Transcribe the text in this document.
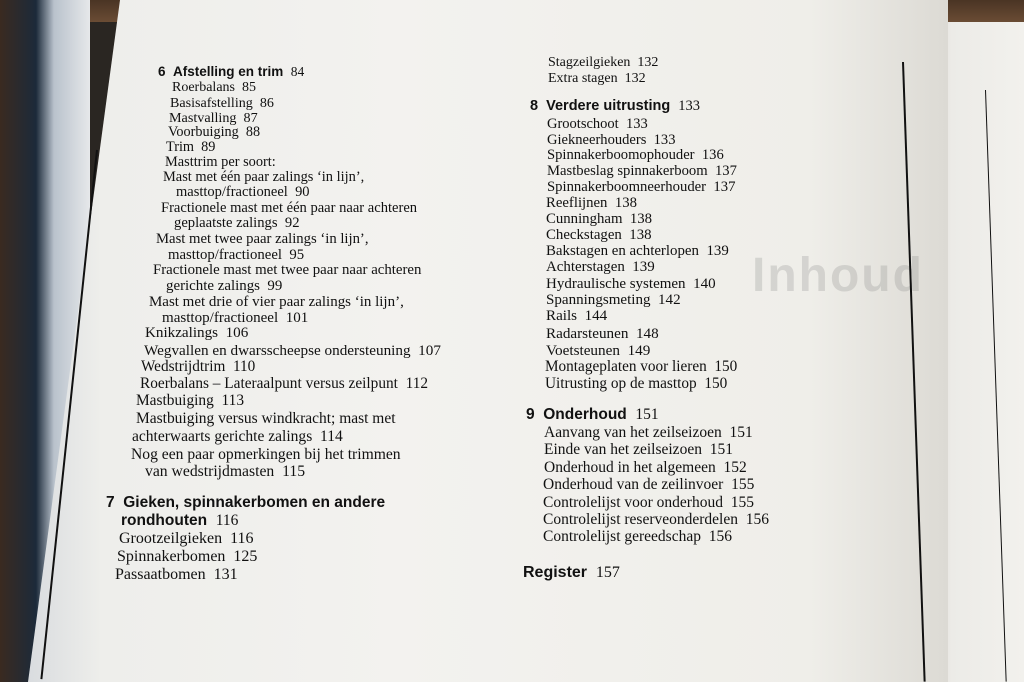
Inhoud
6  Afstelling en trim  84
Roerbalans  85
Basisafstelling  86
Mastvalling  87
Voorbuiging  88
Trim  89
Masttrim per soort:
Mast met één paar zalings ‘in lijn’,
masttop/fractioneel  90
Fractionele mast met één paar naar achteren
geplaatste zalings  92
Mast met twee paar zalings ‘in lijn’,
masttop/fractioneel  95
Fractionele mast met twee paar naar achteren
gerichte zalings  99
Mast met drie of vier paar zalings ‘in lijn’,
masttop/fractioneel  101
Knikzalings  106
Wegvallen en dwarsscheepse ondersteuning  107
Wedstrijdtrim  110
Roerbalans – Lateraalpunt versus zeilpunt  112
Mastbuiging  113
Mastbuiging versus windkracht; mast met
achterwaarts gerichte zalings  114
Nog een paar opmerkingen bij het trimmen
van wedstrijdmasten  115
7  Gieken, spinnakerbomen en andere
rondhouten  116
Grootzeilgieken  116
Spinnakerbomen  125
Passaatbomen  131
Stagzeilgieken  132
Extra stagen  132
8  Verdere uitrusting  133
Grootschoot  133
Giekneerhouders  133
Spinnakerboomophouder  136
Mastbeslag spinnakerboom  137
Spinnakerboomneerhouder  137
Reeflijnen  138
Cunningham  138
Checkstagen  138
Bakstagen en achterlopen  139
Achterstagen  139
Hydraulische systemen  140
Spanningsmeting  142
Rails  144
Radarsteunen  148
Voetsteunen  149
Montageplaten voor lieren  150
Uitrusting op de masttop  150
9  Onderhoud  151
Aanvang van het zeilseizoen  151
Einde van het zeilseizoen  151
Onderhoud in het algemeen  152
Onderhoud van de zeilinvoer  155
Controlelijst voor onderhoud  155
Controlelijst reserveonderdelen  156
Controlelijst gereedschap  156
Register  157
